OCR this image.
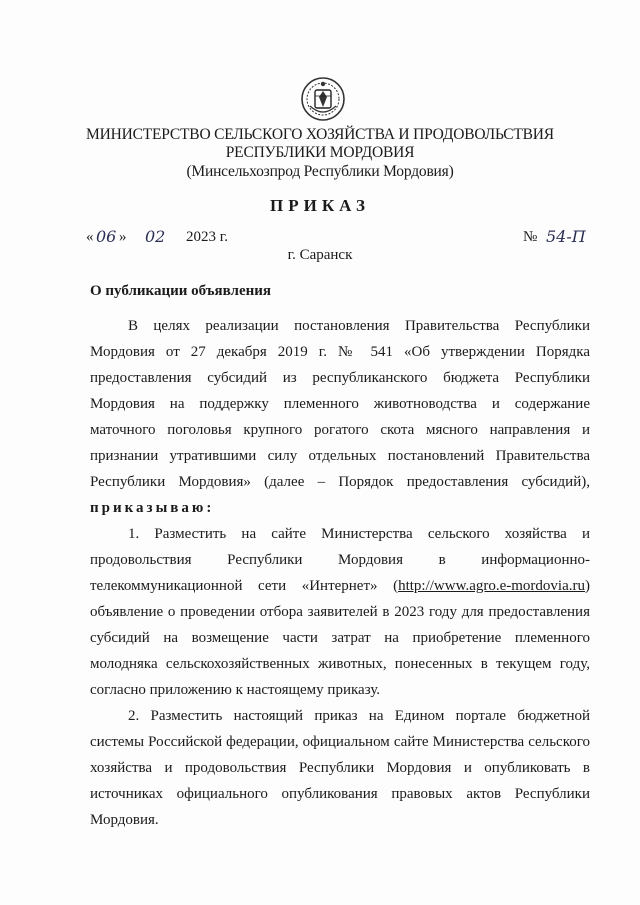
МИНИСТЕРСТВО СЕЛЬСКОГО ХОЗЯЙСТВА И ПРОДОВОЛЬСТВИЯ
РЕСПУБЛИКИ МОРДОВИЯ
(Минсельхозпрод Республики Мордовия)
ПРИКАЗ
« 06 » 02 2023 г.	№ 54-П
г. Саранск
О публикации объявления
В целях реализации постановления Правительства Республики
Мордовия от 27 декабря 2019 г. № 541 «Об утверждении Порядка
предоставления субсидий из республиканского бюджета Республики
Мордовия на поддержку племенного животноводства и содержание
маточного поголовья крупного рогатого скота мясного направления и
признании утратившими силу отдельных постановлений Правительства
Республики Мордовия» (далее – Порядок предоставления субсидий),
приказываю:
1. Разместить на сайте Министерства сельского хозяйства и
продовольствия Республики Мордовия в информационно-
телекоммуникационной сети «Интернет» (http://www.agro.e-mordovia.ru)
объявление о проведении отбора заявителей в 2023 году для предоставления
субсидий на возмещение части затрат на приобретение племенного
молодняка сельскохозяйственных животных, понесенных в текущем году,
согласно приложению к настоящему приказу.
2. Разместить настоящий приказ на Едином портале бюджетной
системы Российской федерации, официальном сайте Министерства сельского
хозяйства и продовольствия Республики Мордовия и опубликовать в
источниках официального опубликования правовых актов Республики
Мордовия.
